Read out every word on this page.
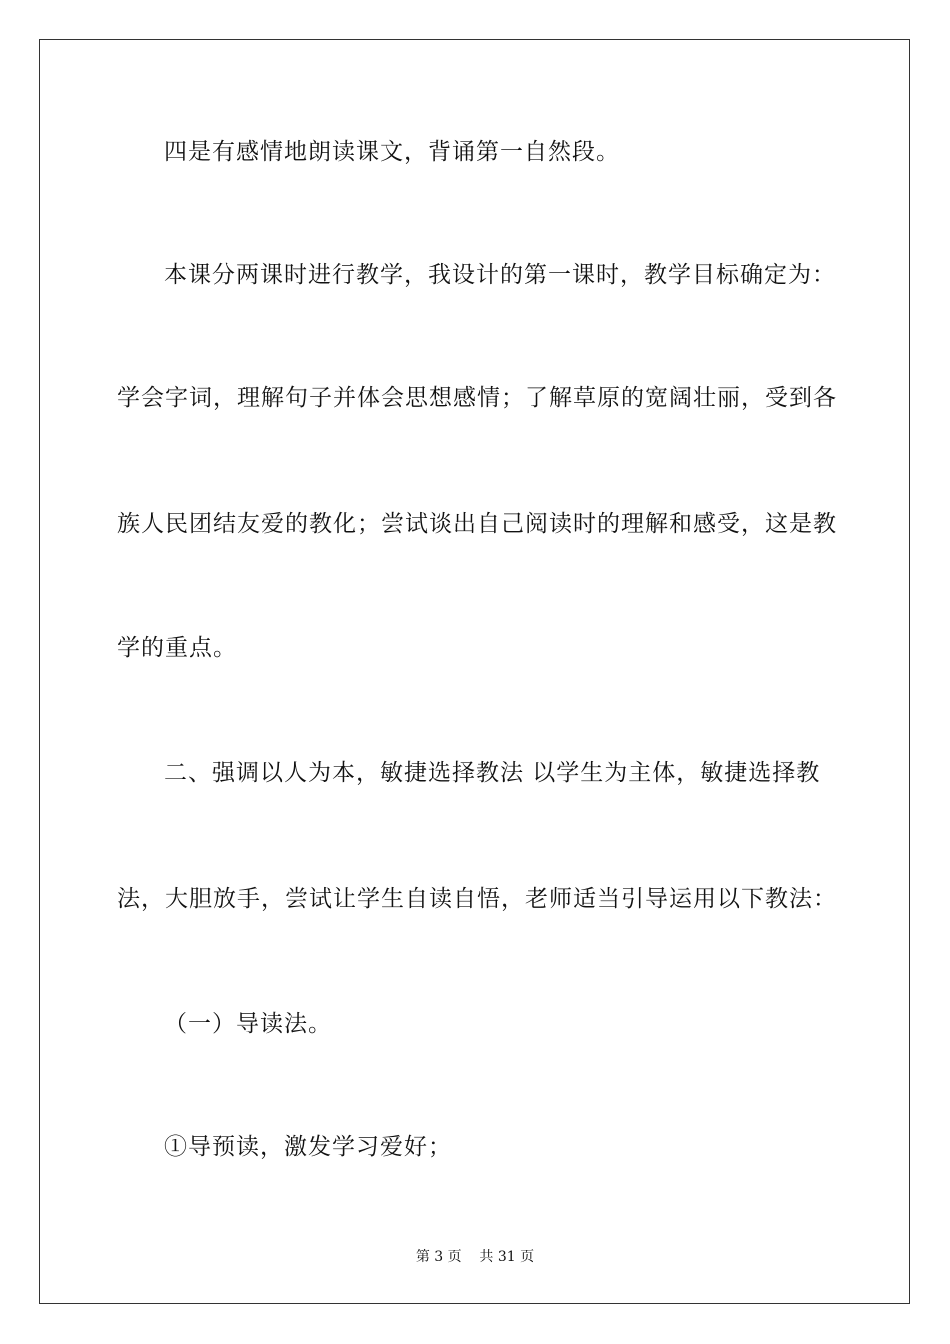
四是有感情地朗读课文，背诵第一自然段。
本课分两课时进行教学，我设计的第一课时，教学目标确定为：
学会字词，理解句子并体会思想感情；了解草原的宽阔壮丽，受到各
族人民团结友爱的教化；尝试谈出自己阅读时的理解和感受，这是教
学的重点。
二、强调以人为本，敏捷选择教法 以学生为主体，敏捷选择教
法，大胆放手，尝试让学生自读自悟，老师适当引导运用以下教法：
（一）导读法。
①导预读，激发学习爱好；
第 3 页    共 31 页
